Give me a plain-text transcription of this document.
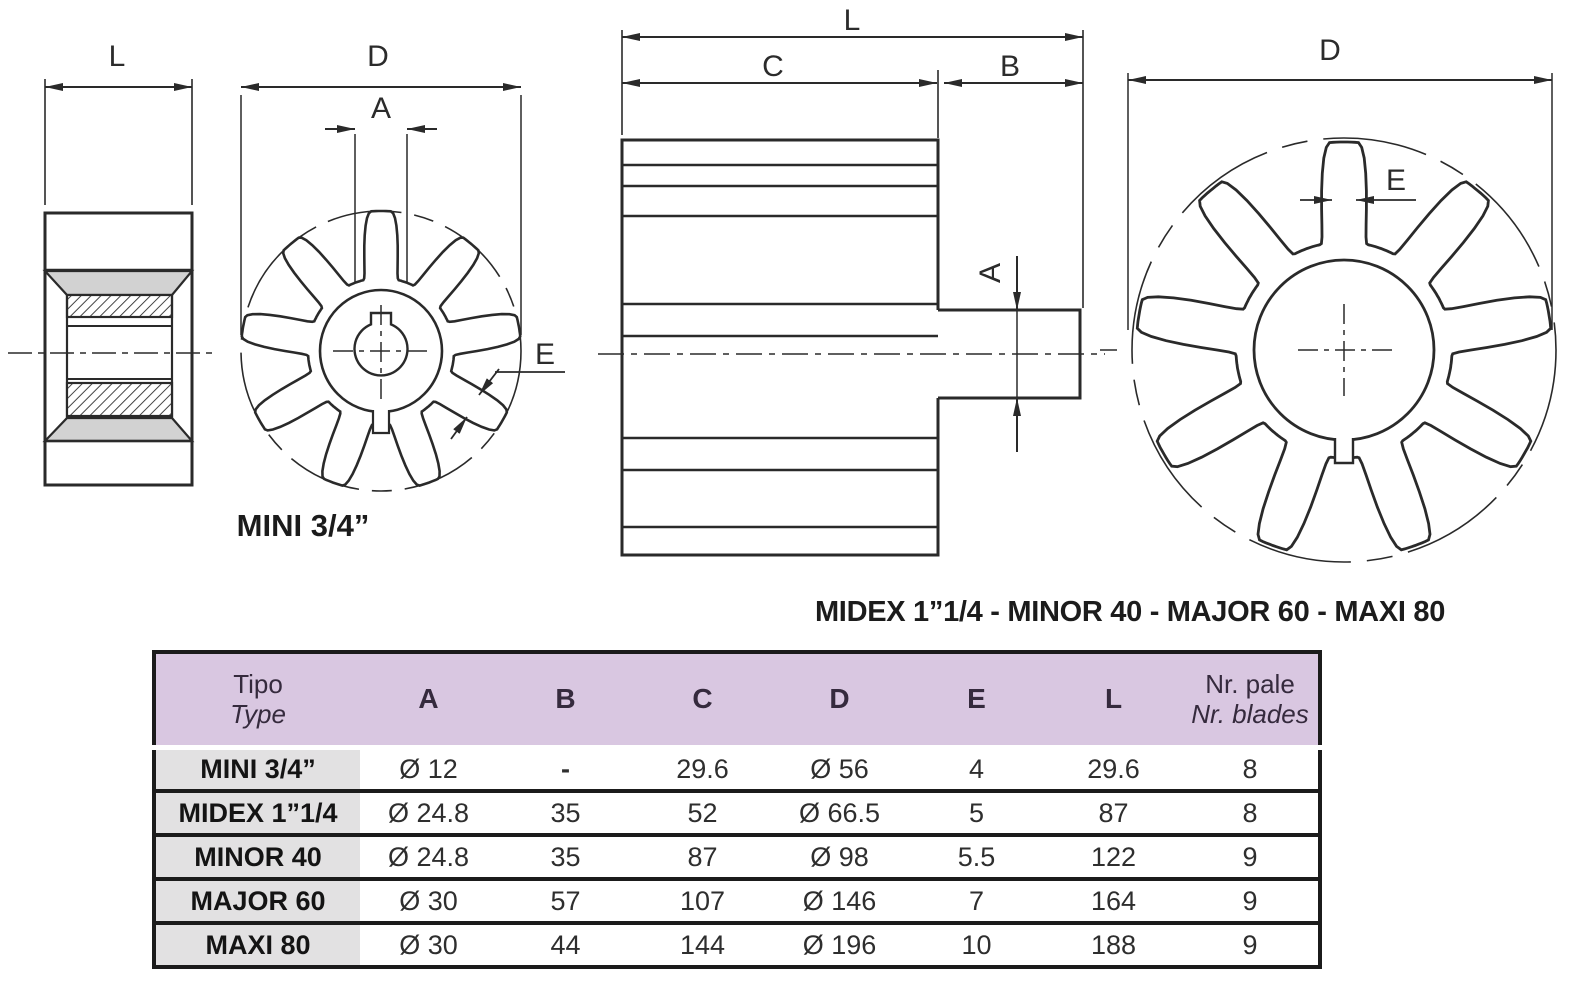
L	D
A
E
MINI 3/4”
L
C	B
A
D
E
MIDEX 1”1/4 - MINOR 40 - MAJOR 60 - MAXI 80
Tipo
Type	A	B	C	D	E	L	Nr. pale
Nr. blades

MINI 3/4”	Ø 12	-	29.6	Ø 56	4	29.6	8
MIDEX 1”1/4	Ø 24.8	35	52	Ø 66.5	5	87	8
MINOR 40	Ø 24.8	35	87	Ø 98	5.5	122	9
MAJOR 60	Ø 30	57	107	Ø 146	7	164	9
MAXI 80	Ø 30	44	144	Ø 196	10	188	9
